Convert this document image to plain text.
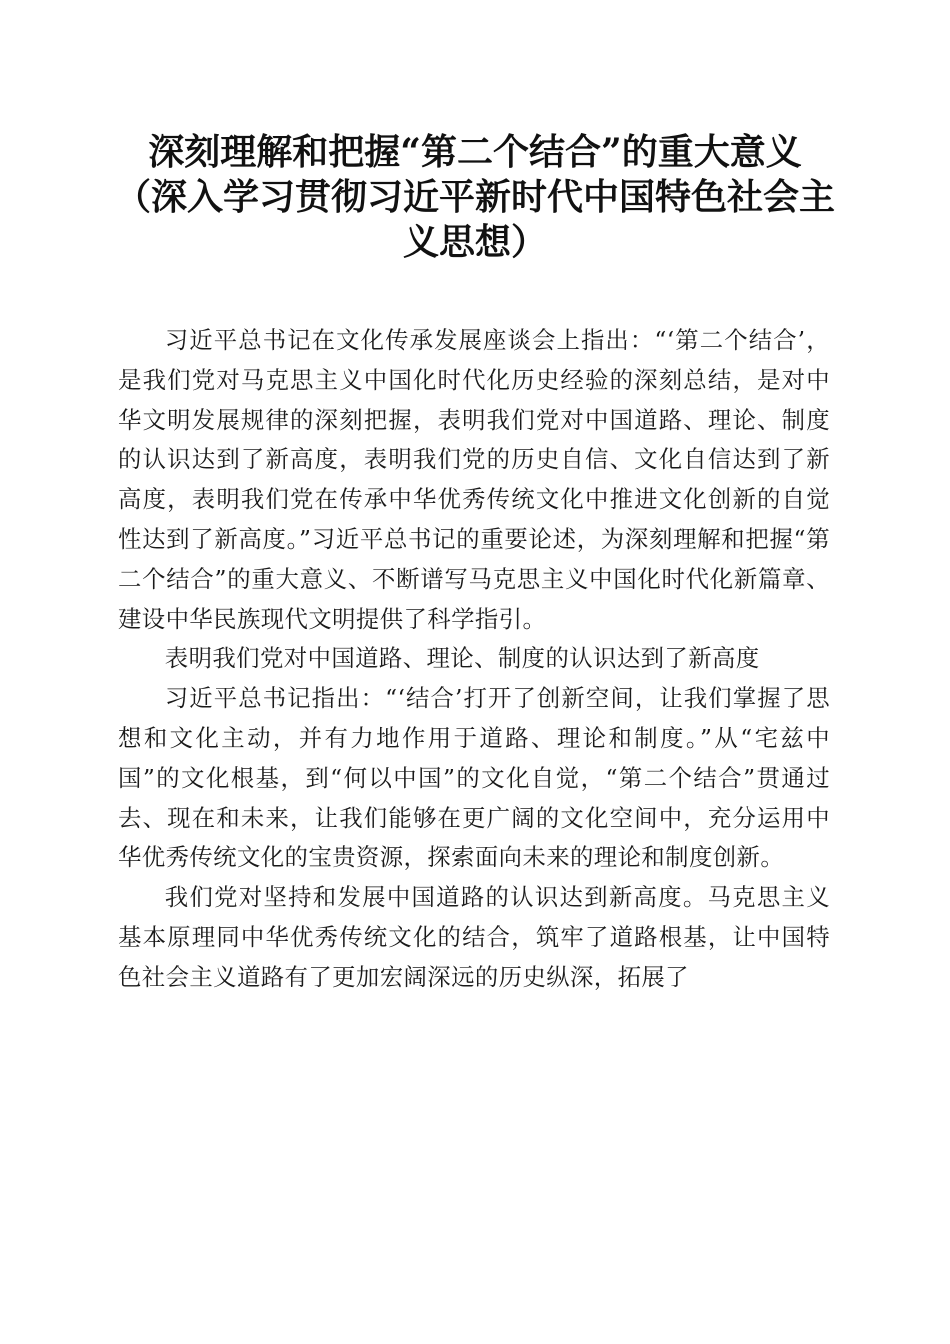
深刻理解和把握“第二个结合”的重大意义
（深入学习贯彻习近平新时代中国特色社会主
义思想）

习近平总书记在文化传承发展座谈会上指出：“‘第二个结合’，是我们党对马克思主义中国化时代化历史经验的深刻总结，是对中华文明发展规律的深刻把握，表明我们党对中国道路、理论、制度的认识达到了新高度，表明我们党的历史自信、文化自信达到了新高度，表明我们党在传承中华优秀传统文化中推进文化创新的自觉性达到了新高度。”习近平总书记的重要论述，为深刻理解和把握“第二个结合”的重大意义、不断谱写马克思主义中国化时代化新篇章、建设中华民族现代文明提供了科学指引。

表明我们党对中国道路、理论、制度的认识达到了新高度

习近平总书记指出：“‘结合’打开了创新空间，让我们掌握了思想和文化主动，并有力地作用于道路、理论和制度。”从“宅兹中国”的文化根基，到“何以中国”的文化自觉，“第二个结合”贯通过去、现在和未来，让我们能够在更广阔的文化空间中，充分运用中华优秀传统文化的宝贵资源，探索面向未来的理论和制度创新。

我们党对坚持和发展中国道路的认识达到新高度。马克思主义基本原理同中华优秀传统文化的结合，筑牢了道路根基，让中国特色社会主义道路有了更加宏阔深远的历史纵深，拓展了
